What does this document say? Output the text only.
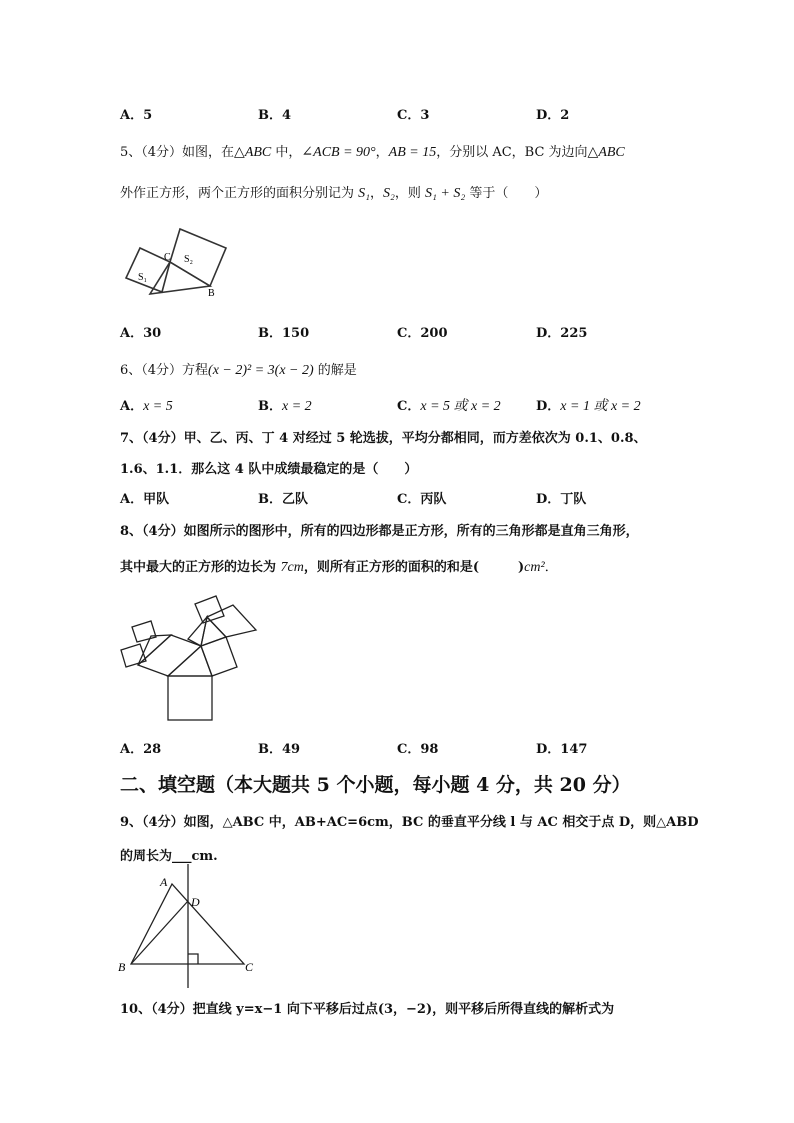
A．5	B．4	C．3	D．2
5、（4分）如图，在△ABC 中，∠ACB = 90°，AB = 15，分别以 AC，BC 为边向△ABC
外作正方形，两个正方形的面积分别记为 S₁，S₂，则 S₁ + S₂ 等于（　　）
C
S₁
S₂
B
A．30	B．150	C．200	D．225
6、（4分）方程(x − 2)² = 3(x − 2) 的解是
A．x = 5	B．x = 2	C．x = 5 或 x = 2	D．x = 1 或 x = 2
7、（4分）甲、乙、丙、丁 4 对经过 5 轮选拔，平均分都相同，而方差依次为 0.1、0.8、
1.6、1.1．那么这 4 队中成绩最稳定的是（　　）
A．甲队	B．乙队	C．丙队	D．丁队
8、（4分）如图所示的图形中，所有的四边形都是正方形，所有的三角形都是直角三角形，
其中最大的正方形的边长为 7cm，则所有正方形的面积的和是(　　　)cm²．
A．28	B．49	C．98	D．147
二、填空题（本大题共 5 个小题，每小题 4 分，共 20 分）
9、（4分）如图，△ABC 中，AB+AC=6cm，BC 的垂直平分线 l 与 AC 相交于点 D，则△ABD
的周长为___cm.
A
D
B	C
10、（4分）把直线 y=x−1 向下平移后过点(3，−2)，则平移后所得直线的解析式为
